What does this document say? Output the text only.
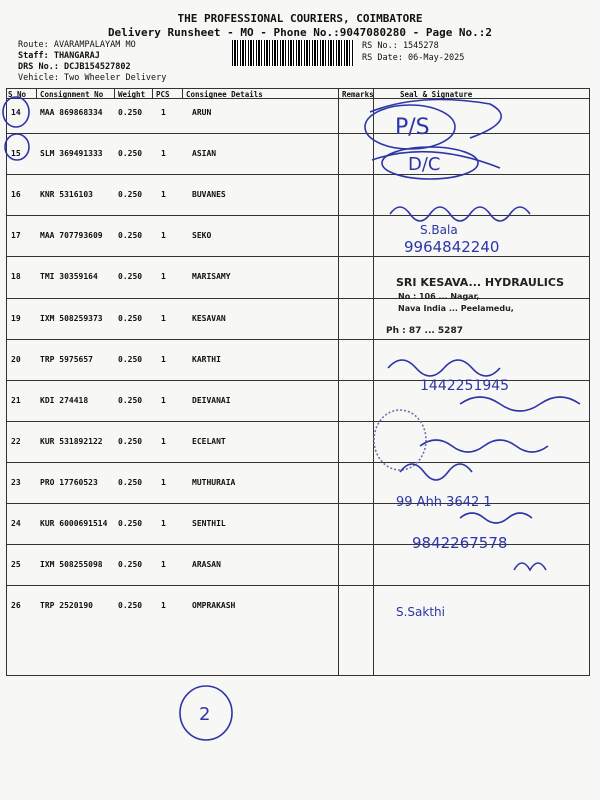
THE PROFESSIONAL COURIERS, COIMBATORE
Delivery Runsheet - MO - Phone No.:9047080280 - Page No.:2
Route: AVARAMPALAYAM MO
Staff: THANGARAJ
DRS No.: DCJB154527802
Vehicle: Two Wheeler Delivery
RS No.: 1545278
RS Date: 06-May-2025
S No Consignment No Weight PCS Consignee Details	Remarks	Seal & Signature
14 MAA 869868334 0.250 1	ARUN
15 SLM 369491333 0.250 1	ASIAN
16 KNR 5316103	0.250 1	BUVANES
17 MAA 707793609 0.250 1	SEKO
18 TMI 30359164	0.250 1	MARISAMY
19 IXM 508259373 0.250 1	KESAVAN
20 TRP 5975657	0.250 1	KARTHI
21 KDI 274418	0.250 1	DEIVANAI
22 KUR 531892122 0.250 1	ECELANT
23 PRO 17760523	0.250 1	MUTHURAIA
24 KUR 6000691514 0.250 1	SENTHIL
25 IXM 508255098 0.250 1	ARASAN
26 TRP 2520190	0.250 1	OMPRAKASH
SRI KESAVA... HYDRAULICS
No : 106 ... Nagar,
Nava India ... Peelamedu,
Ph : 87 ... 5287
P/S
D/C
S.Bala
9964842240
1442251945
99 Ahh 3642 1
9842267578
S.Sakthi
2
